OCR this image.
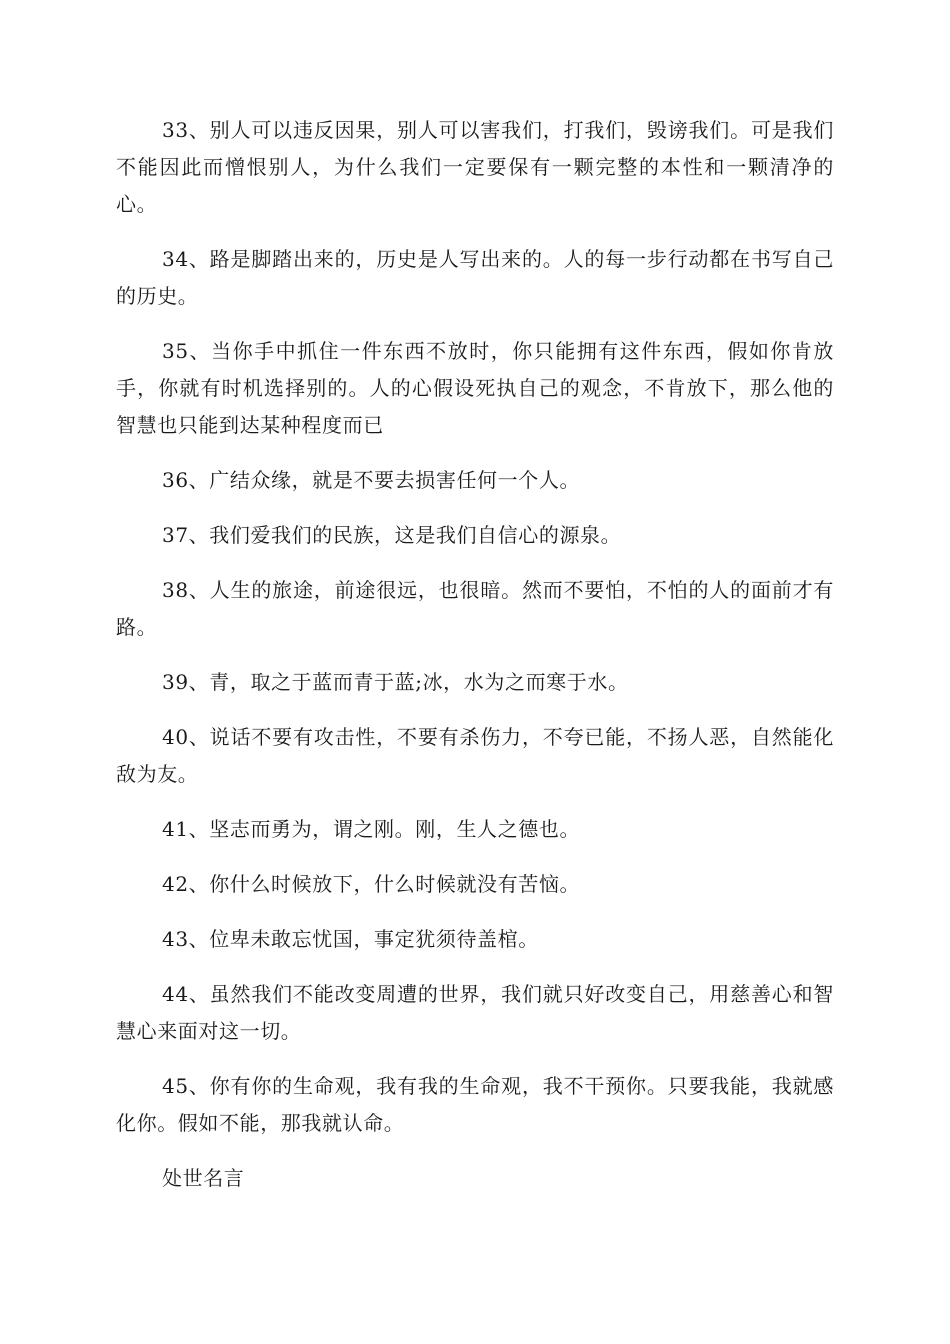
33、别人可以违反因果，别人可以害我们，打我们，毁谤我们。可是我们不能因此而憎恨别人，为什么我们一定要保有一颗完整的本性和一颗清净的心。

34、路是脚踏出来的，历史是人写出来的。人的每一步行动都在书写自己的历史。

35、当你手中抓住一件东西不放时，你只能拥有这件东西，假如你肯放手，你就有时机选择别的。人的心假设死执自己的观念，不肯放下，那么他的智慧也只能到达某种程度而已

36、广结众缘，就是不要去损害任何一个人。

37、我们爱我们的民族，这是我们自信心的源泉。

38、人生的旅途，前途很远，也很暗。然而不要怕，不怕的人的面前才有路。

39、青，取之于蓝而青于蓝;冰，水为之而寒于水。

40、说话不要有攻击性，不要有杀伤力，不夸已能，不扬人恶，自然能化敌为友。

41、坚志而勇为，谓之刚。刚，生人之德也。

42、你什么时候放下，什么时候就没有苦恼。

43、位卑未敢忘忧国，事定犹须待盖棺。

44、虽然我们不能改变周遭的世界，我们就只好改变自己，用慈善心和智慧心来面对这一切。

45、你有你的生命观，我有我的生命观，我不干预你。只要我能，我就感化你。假如不能，那我就认命。

处世名言
